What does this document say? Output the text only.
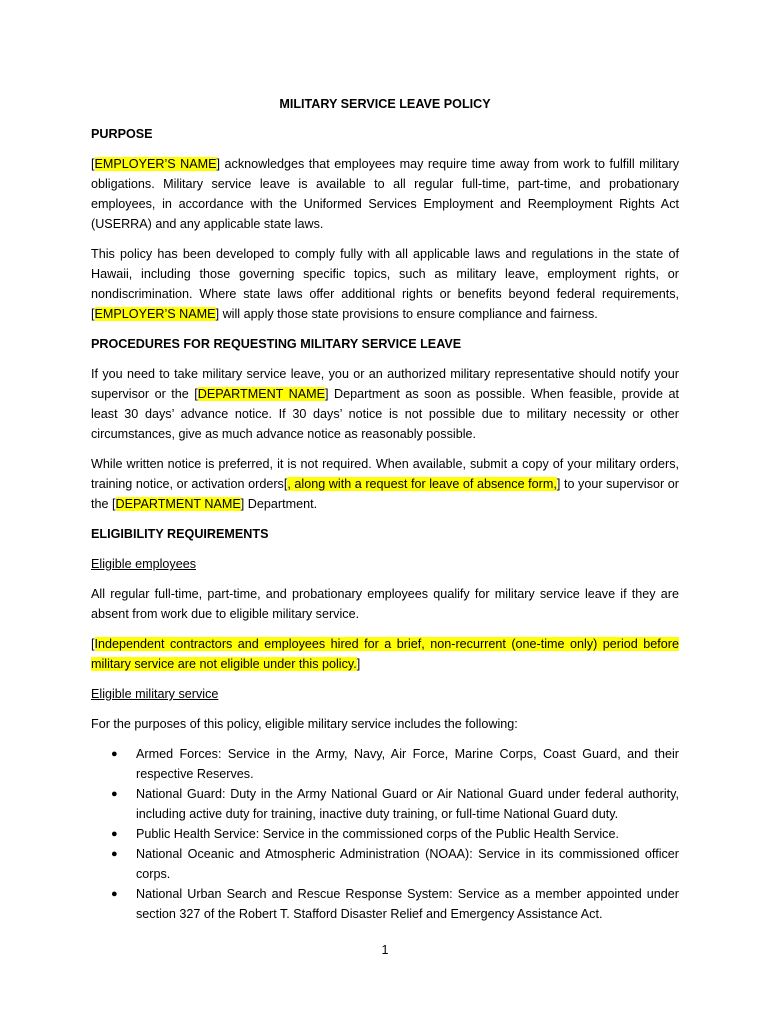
MILITARY SERVICE LEAVE POLICY
PURPOSE

[EMPLOYER’S NAME] acknowledges that employees may require time away from work to fulfill military obligations. Military service leave is available to all regular full-time, part-time, and probationary employees, in accordance with the Uniformed Services Employment and Reemployment Rights Act (USERRA) and any applicable state laws.

This policy has been developed to comply fully with all applicable laws and regulations in the state of Hawaii, including those governing specific topics, such as military leave, employment rights, or nondiscrimination. Where state laws offer additional rights or benefits beyond federal requirements, [EMPLOYER’S NAME] will apply those state provisions to ensure compliance and fairness.

PROCEDURES FOR REQUESTING MILITARY SERVICE LEAVE

If you need to take military service leave, you or an authorized military representative should notify your supervisor or the [DEPARTMENT NAME] Department as soon as possible. When feasible, provide at least 30 days’ advance notice. If 30 days’ notice is not possible due to military necessity or other circumstances, give as much advance notice as reasonably possible.

While written notice is preferred, it is not required. When available, submit a copy of your military orders, training notice, or activation orders[, along with a request for leave of absence form,] to your supervisor or the [DEPARTMENT NAME] Department.

ELIGIBILITY REQUIREMENTS
Eligible employees

All regular full-time, part-time, and probationary employees qualify for military service leave if they are absent from work due to eligible military service.

[Independent contractors and employees hired for a brief, non-recurrent (one-time only) period before military service are not eligible under this policy.]

Eligible military service

For the purposes of this policy, eligible military service includes the following:

● Armed Forces: Service in the Army, Navy, Air Force, Marine Corps, Coast Guard, and their respective Reserves.
● National Guard: Duty in the Army National Guard or Air National Guard under federal authority, including active duty for training, inactive duty training, or full-time National Guard duty.
● Public Health Service: Service in the commissioned corps of the Public Health Service.
● National Oceanic and Atmospheric Administration (NOAA): Service in its commissioned officer corps.
● National Urban Search and Rescue Response System: Service as a member appointed under section 327 of the Robert T. Stafford Disaster Relief and Emergency Assistance Act.
1
